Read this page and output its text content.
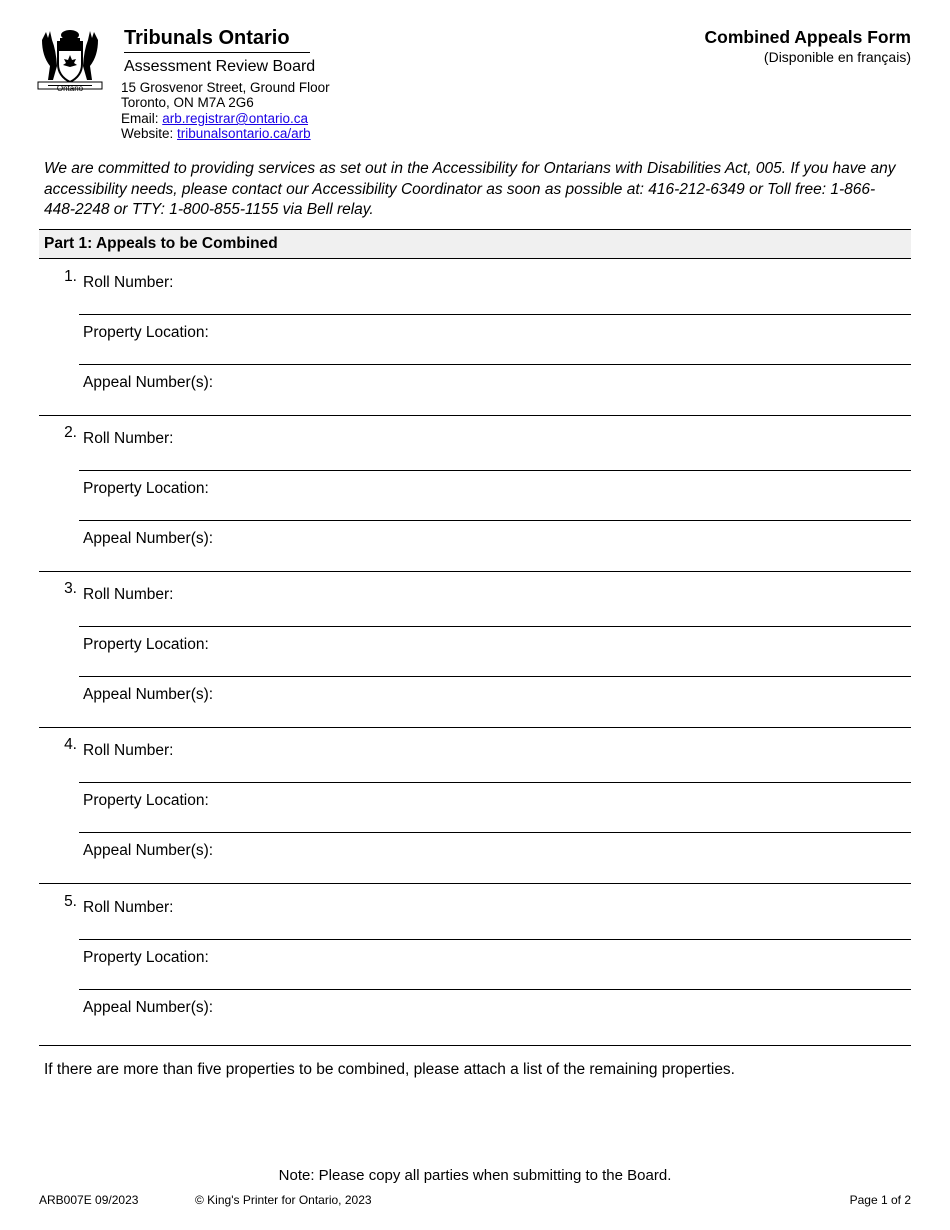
Ontario
Tribunals Ontario
Assessment Review Board
15 Grosvenor Street, Ground Floor
Toronto, ON M7A 2G6
Email: arb.registrar@ontario.ca
Website: tribunalsontario.ca/arb
Combined Appeals Form
(Disponible en français)
We are committed to providing services as set out in the Accessibility for Ontarians with Disabilities Act, 005. If you have any accessibility needs, please contact our Accessibility Coordinator as soon as possible at: 416-212-6349 or Toll free: 1-866-448-2248 or TTY: 1-800-855-1155 via Bell relay.
Part 1: Appeals to be Combined
1. Roll Number:
Property Location:
Appeal Number(s):
2. Roll Number:
Property Location:
Appeal Number(s):
3. Roll Number:
Property Location:
Appeal Number(s):
4. Roll Number:
Property Location:
Appeal Number(s):
5. Roll Number:
Property Location:
Appeal Number(s):
If there are more than five properties to be combined, please attach a list of the remaining properties.
Note: Please copy all parties when submitting to the Board.
ARB007E 09/2023	© King's Printer for Ontario, 2023	Page 1 of 2
